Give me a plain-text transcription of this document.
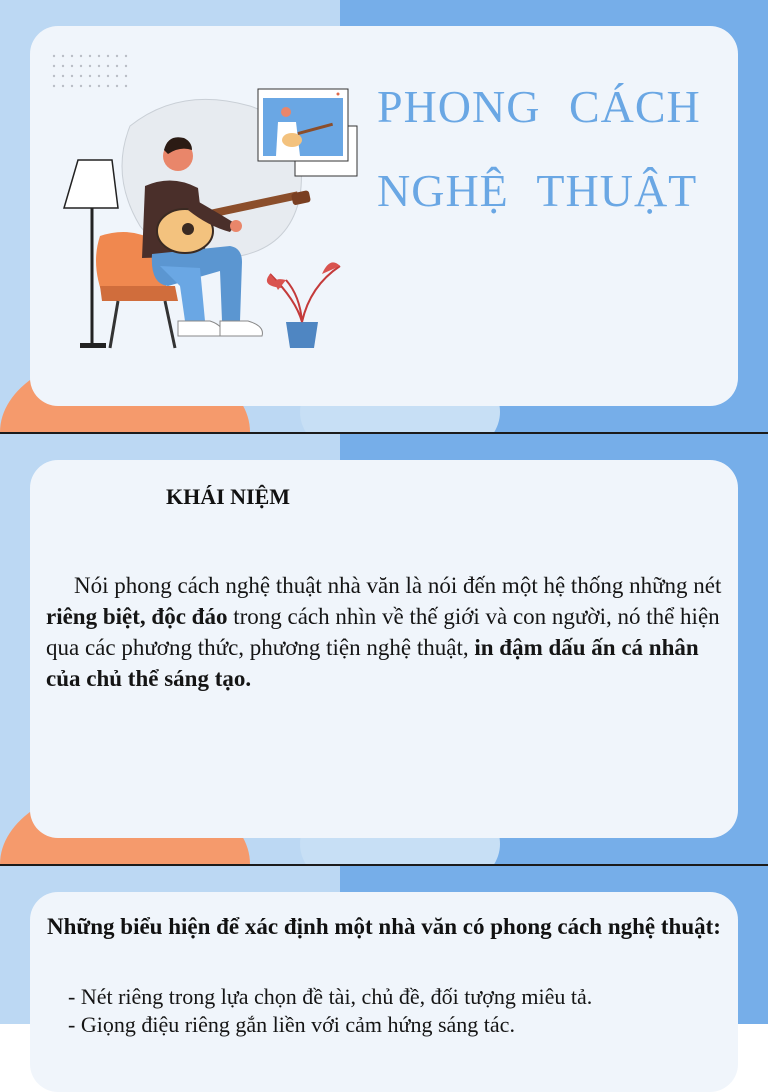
PHONG CÁCH
NGHỆ THUẬT
KHÁI NIỆM
Nói phong cách nghệ thuật nhà văn là nói đến một hệ thống những nét riêng biệt, độc đáo trong cách nhìn về thế giới và con người, nó thể hiện qua các phương thức, phương tiện nghệ thuật, in đậm dấu ấn cá nhân của chủ thể sáng tạo.
Những biểu hiện để xác định một nhà văn có phong cách nghệ thuật:
- Nét riêng trong lựa chọn đề tài, chủ đề, đối tượng miêu tả.
- Giọng điệu riêng gắn liền với cảm hứng sáng tác.
